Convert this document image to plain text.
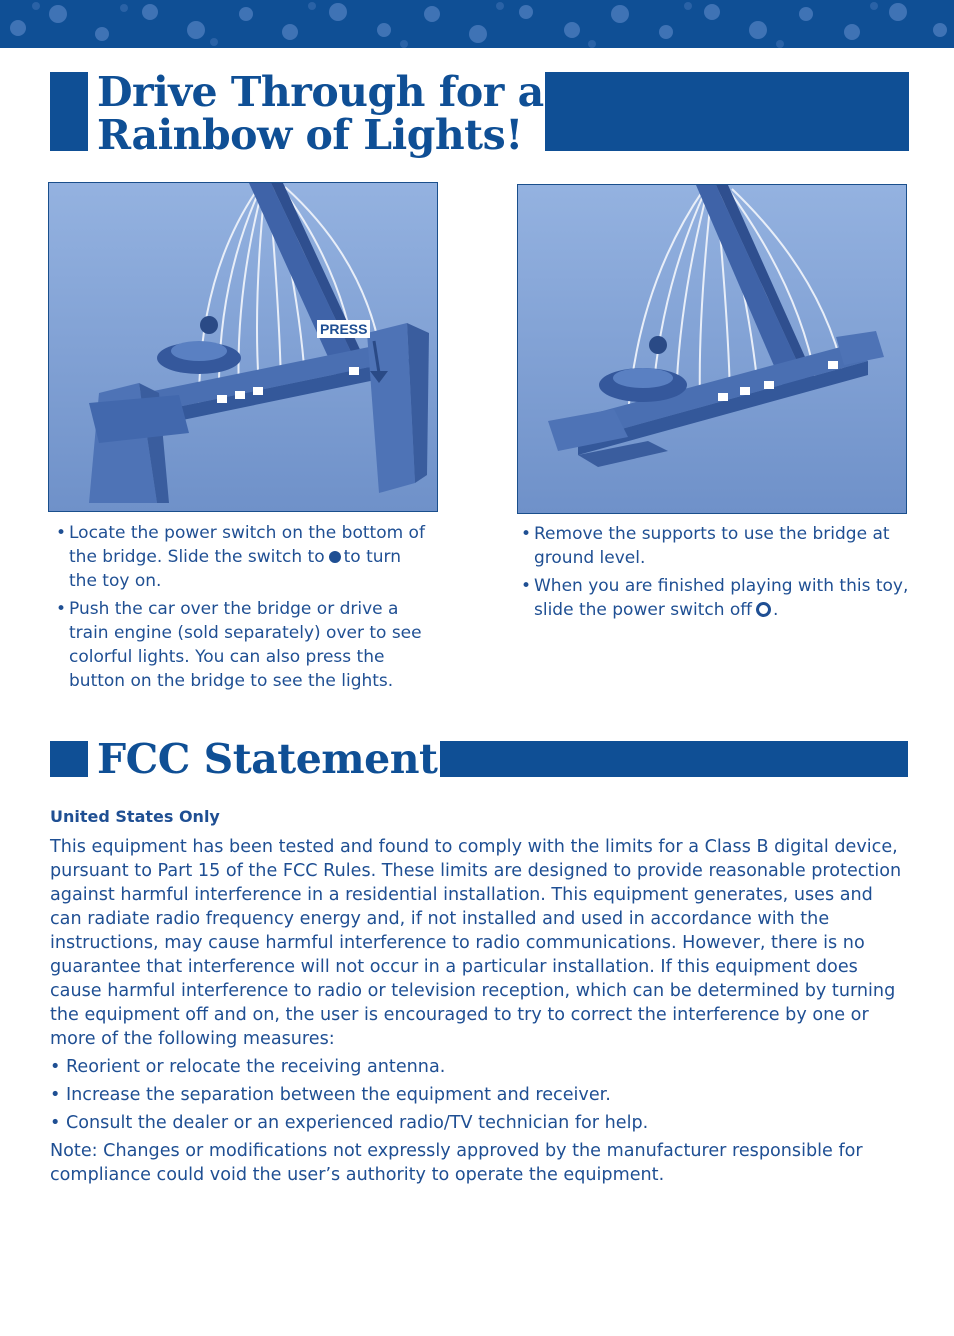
Drive Through for a
Rainbow of Lights!
PRESS
• Locate the power switch on the bottom of the bridge. Slide the switch to to turn the toy on.
• Push the car over the bridge or drive a train engine (sold separately) over to see colorful lights. You can also press the button on the bridge to see the lights.
• Remove the supports to use the bridge at ground level.
• When you are finished playing with this toy, slide the power switch off .
FCC Statement

United States Only

This equipment has been tested and found to comply with the limits for a Class B digital device, pursuant to Part 15 of the FCC Rules. These limits are designed to provide reasonable protection against harmful interference in a residential installation. This equipment generates, uses and can radiate radio frequency energy and, if not installed and used in accordance with the instructions, may cause harmful interference to radio communications. However, there is no guarantee that interference will not occur in a particular installation. If this equipment does cause harmful interference to radio or television reception, which can be determined by turning the equipment off and on, the user is encouraged to try to correct the interference by one or more of the following measures:

• Reorient or relocate the receiving antenna.

• Increase the separation between the equipment and receiver.

• Consult the dealer or an experienced radio/TV technician for help.

Note: Changes or modifications not expressly approved by the manufacturer responsible for compliance could void the user’s authority to operate the equipment.
